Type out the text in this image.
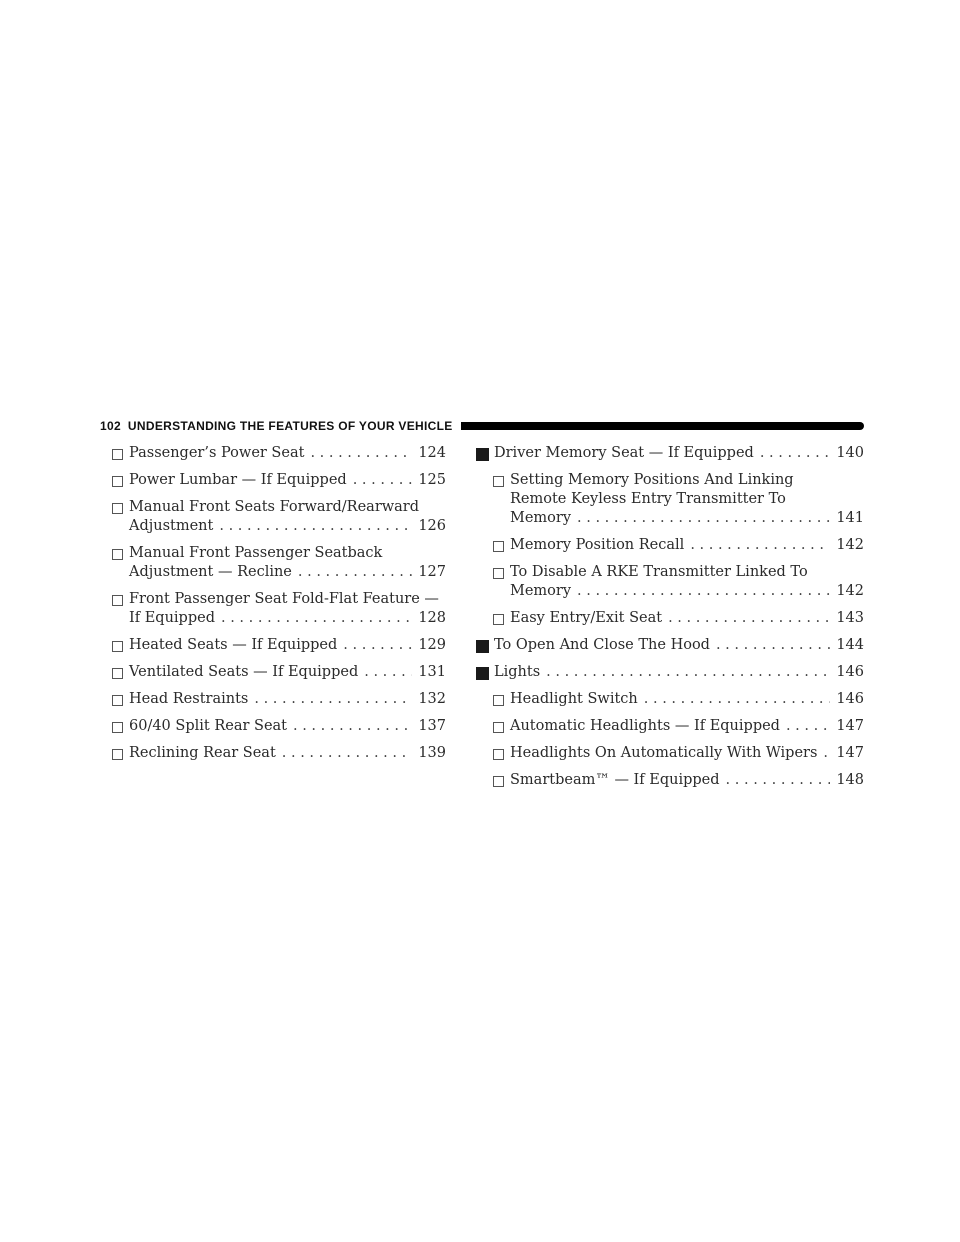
102 UNDERSTANDING THE FEATURES OF YOUR VEHICLE
Passenger’s Power Seat . . .	124
Power Lumbar — If Equipped . . .	125
Manual Front Seats Forward/Rearward
Adjustment . . .	126
Manual Front Passenger Seatback
Adjustment — Recline . . .	127
Front Passenger Seat Fold-Flat Feature —
If Equipped . . .	128
Heated Seats — If Equipped . . .	129
Ventilated Seats — If Equipped . . .	131
Head Restraints . . .	132
60/40 Split Rear Seat . . .	137
Reclining Rear Seat . . .	139
Driver Memory Seat — If Equipped . . .	140
Setting Memory Positions And Linking
Remote Keyless Entry Transmitter To
Memory . . .	141
Memory Position Recall . . .	142
To Disable A RKE Transmitter Linked To
Memory . . .	142
Easy Entry/Exit Seat . . .	143
To Open And Close The Hood . . .	144
Lights . . .	146
Headlight Switch . . .	146
Automatic Headlights — If Equipped . . .	147
Headlights On Automatically With Wipers . . .	147
Smartbeam™ — If Equipped . . .	148
